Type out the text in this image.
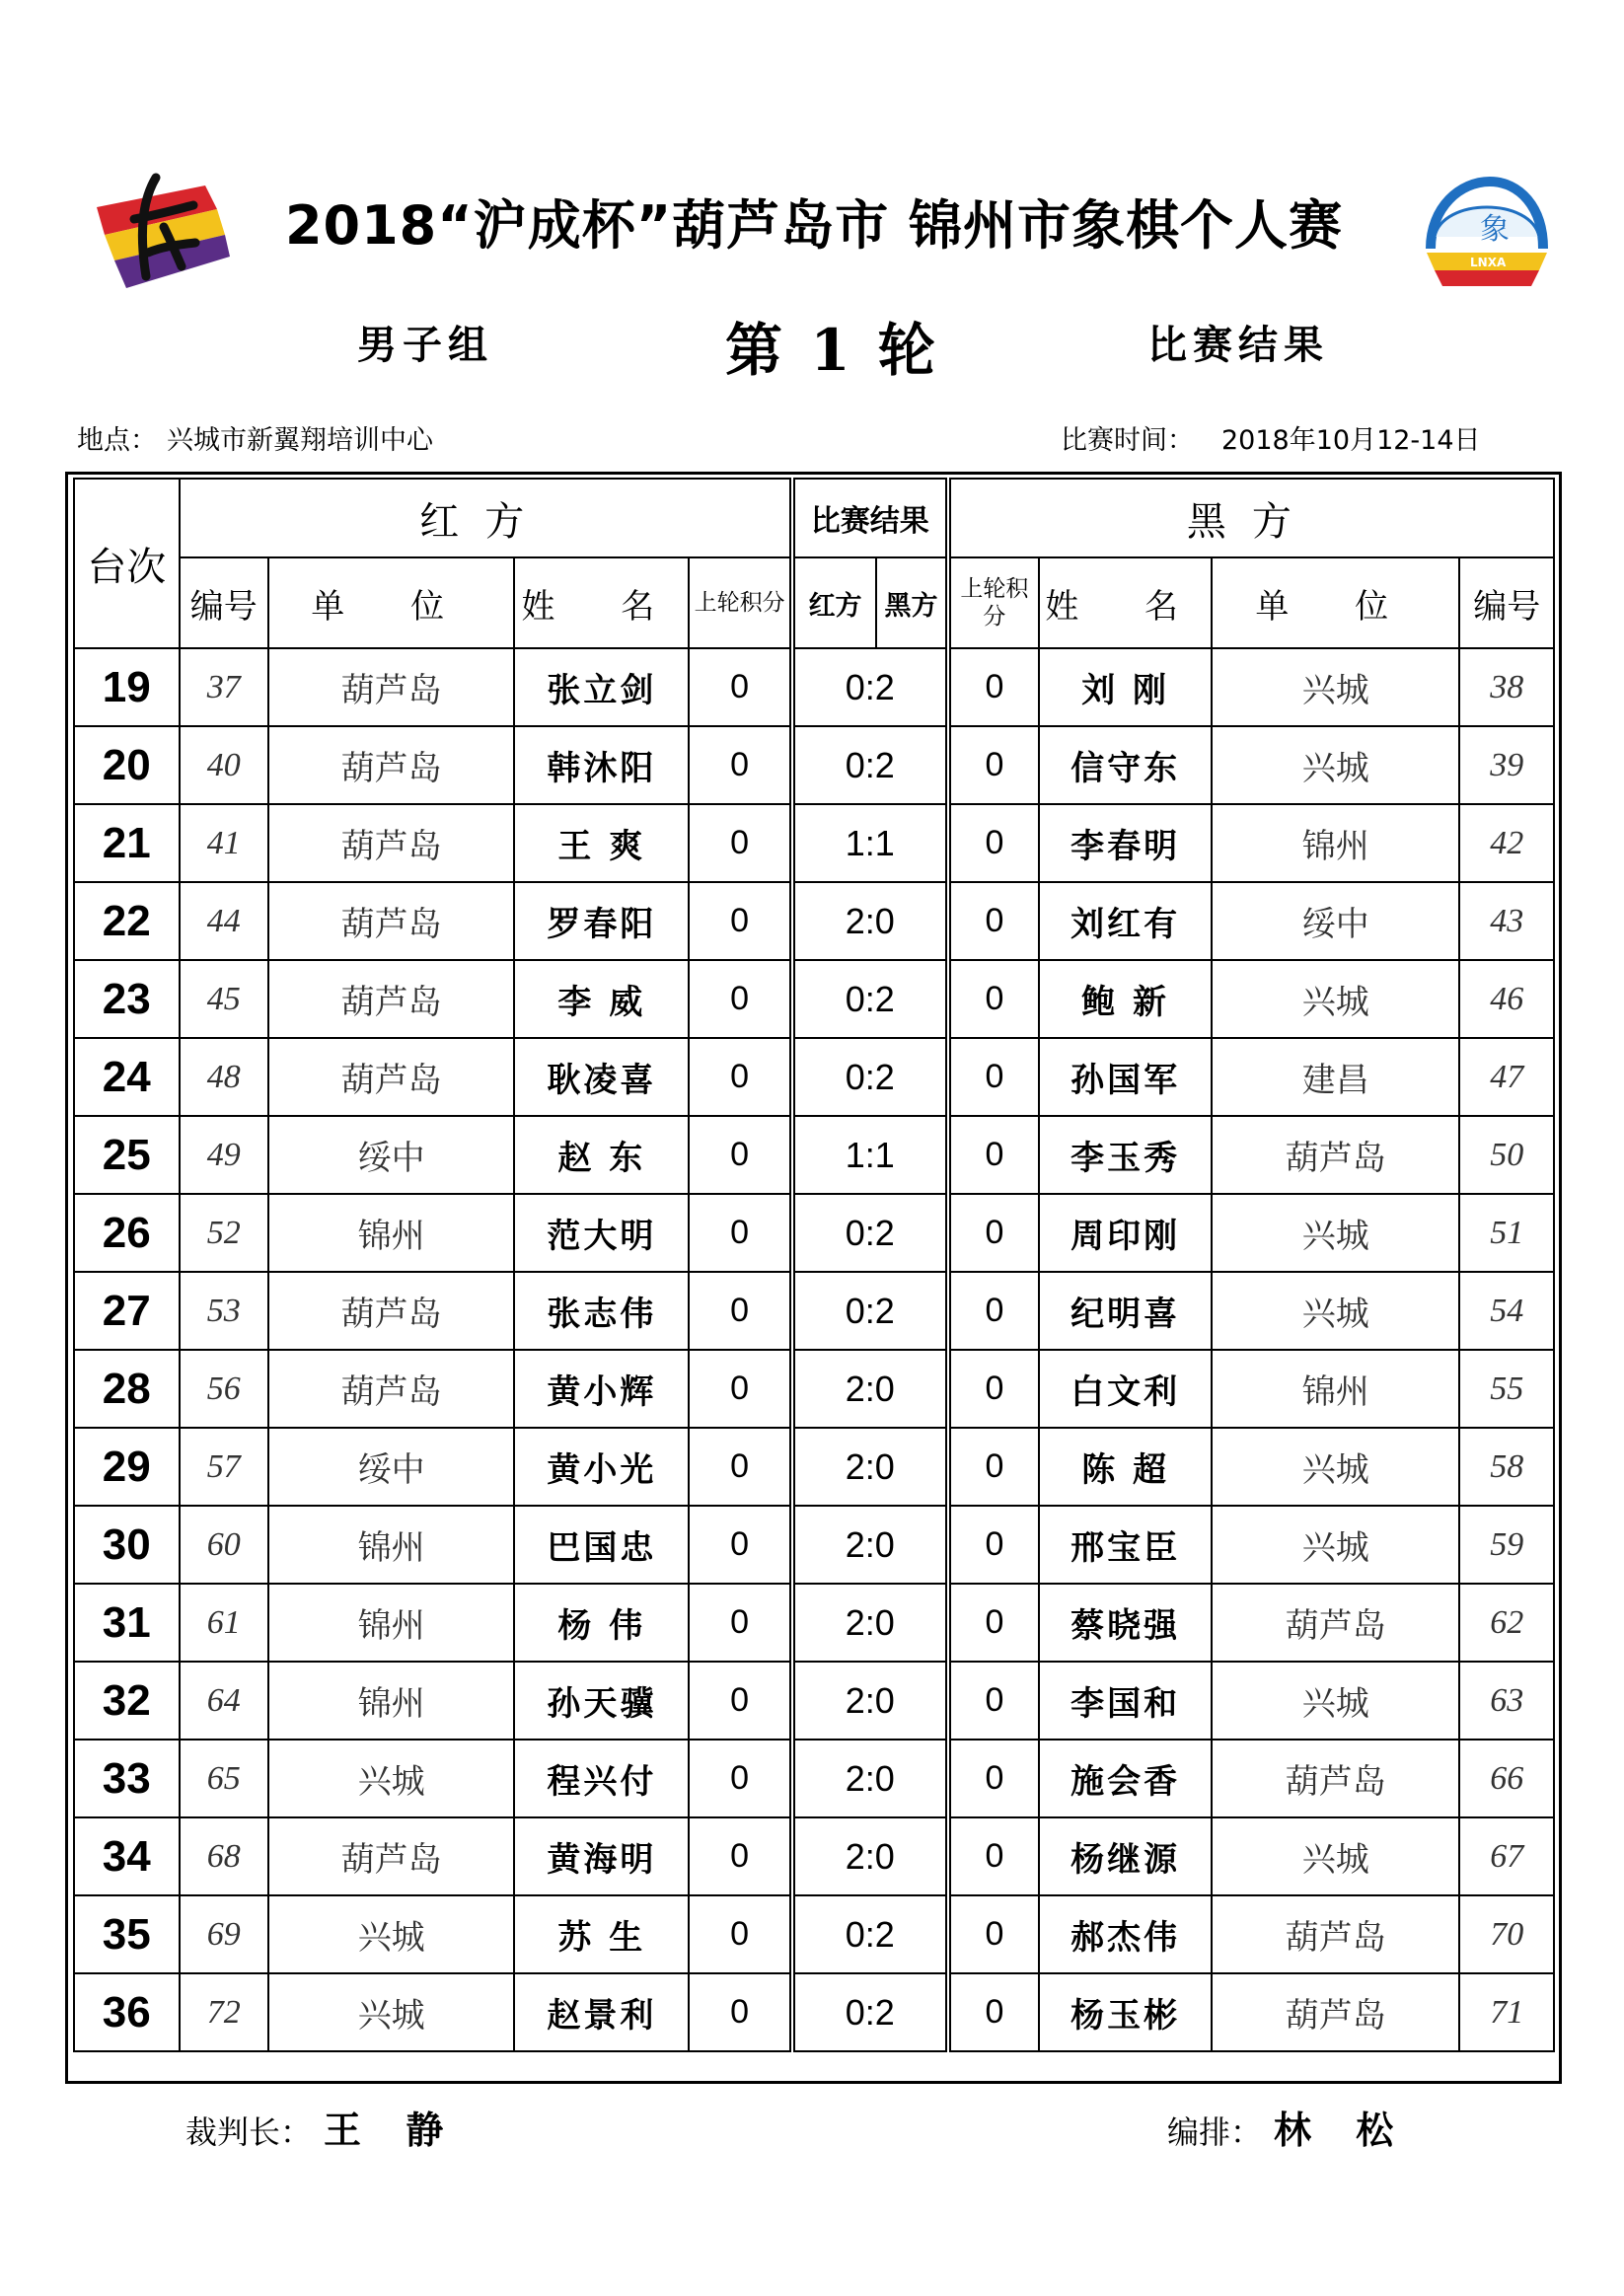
2018“沪成杯”葫芦岛市 锦州市象棋个人赛	象
LNXA
男子组	第 1 轮	比赛结果
地点： 兴城市新翼翔培训中心	比赛时间： 2018年10月12-14日
台次	红方				比赛结果		黑方			
	编号	单 位	姓 名	上轮积分	红方	黑方	上轮积分	姓 名	单 位	编号
19	37	葫芦岛	张立剑	0	0:2		0	刘 刚	兴城	38
20	40	葫芦岛	韩沐阳	0	0:2		0	信守东	兴城	39
21	41	葫芦岛	王 爽	0	1:1		0	李春明	锦州	42
22	44	葫芦岛	罗春阳	0	2:0		0	刘红有	绥中	43
23	45	葫芦岛	李 威	0	0:2		0	鲍 新	兴城	46
24	48	葫芦岛	耿凌喜	0	0:2		0	孙国军	建昌	47
25	49	绥中	赵 东	0	1:1		0	李玉秀	葫芦岛	50
26	52	锦州	范大明	0	0:2		0	周印刚	兴城	51
27	53	葫芦岛	张志伟	0	0:2		0	纪明喜	兴城	54
28	56	葫芦岛	黄小辉	0	2:0		0	白文利	锦州	55
29	57	绥中	黄小光	0	2:0		0	陈 超	兴城	58
30	60	锦州	巴国忠	0	2:0		0	邢宝臣	兴城	59
31	61	锦州	杨 伟	0	2:0		0	蔡晓强	葫芦岛	62
32	64	锦州	孙天骥	0	2:0		0	李国和	兴城	63
33	65	兴城	程兴付	0	2:0		0	施会香	葫芦岛	66
34	68	葫芦岛	黄海明	0	2:0		0	杨继源	兴城	67
35	69	兴城	苏 生	0	0:2		0	郝杰伟	葫芦岛	70
36	72	兴城	赵景利	0	0:2		0	杨玉彬	葫芦岛	71
裁判长： 王 静	编排： 林 松
